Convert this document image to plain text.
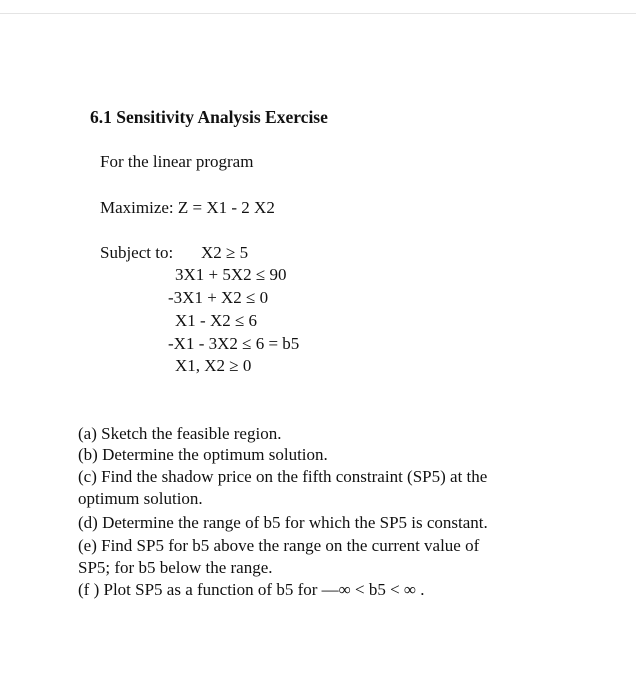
6.1 Sensitivity Analysis Exercise
For the linear program
Maximize: Z = X1 - 2 X2
Subject to: X2 ≥ 5
3X1 + 5X2 ≤ 90
-3X1 + X2 ≤ 0
X1 - X2 ≤ 6
-X1 - 3X2 ≤ 6 = b5
X1, X2 ≥ 0
(a) Sketch the feasible region.
(b) Determine the optimum solution.
(c) Find the shadow price on the fifth constraint (SP5) at the
optimum solution.
(d) Determine the range of b5 for which the SP5 is constant.
(e) Find SP5 for b5 above the range on the current value of
SP5; for b5 below the range.
(f ) Plot SP5 as a function of b5 for —∞ < b5 < ∞ .
